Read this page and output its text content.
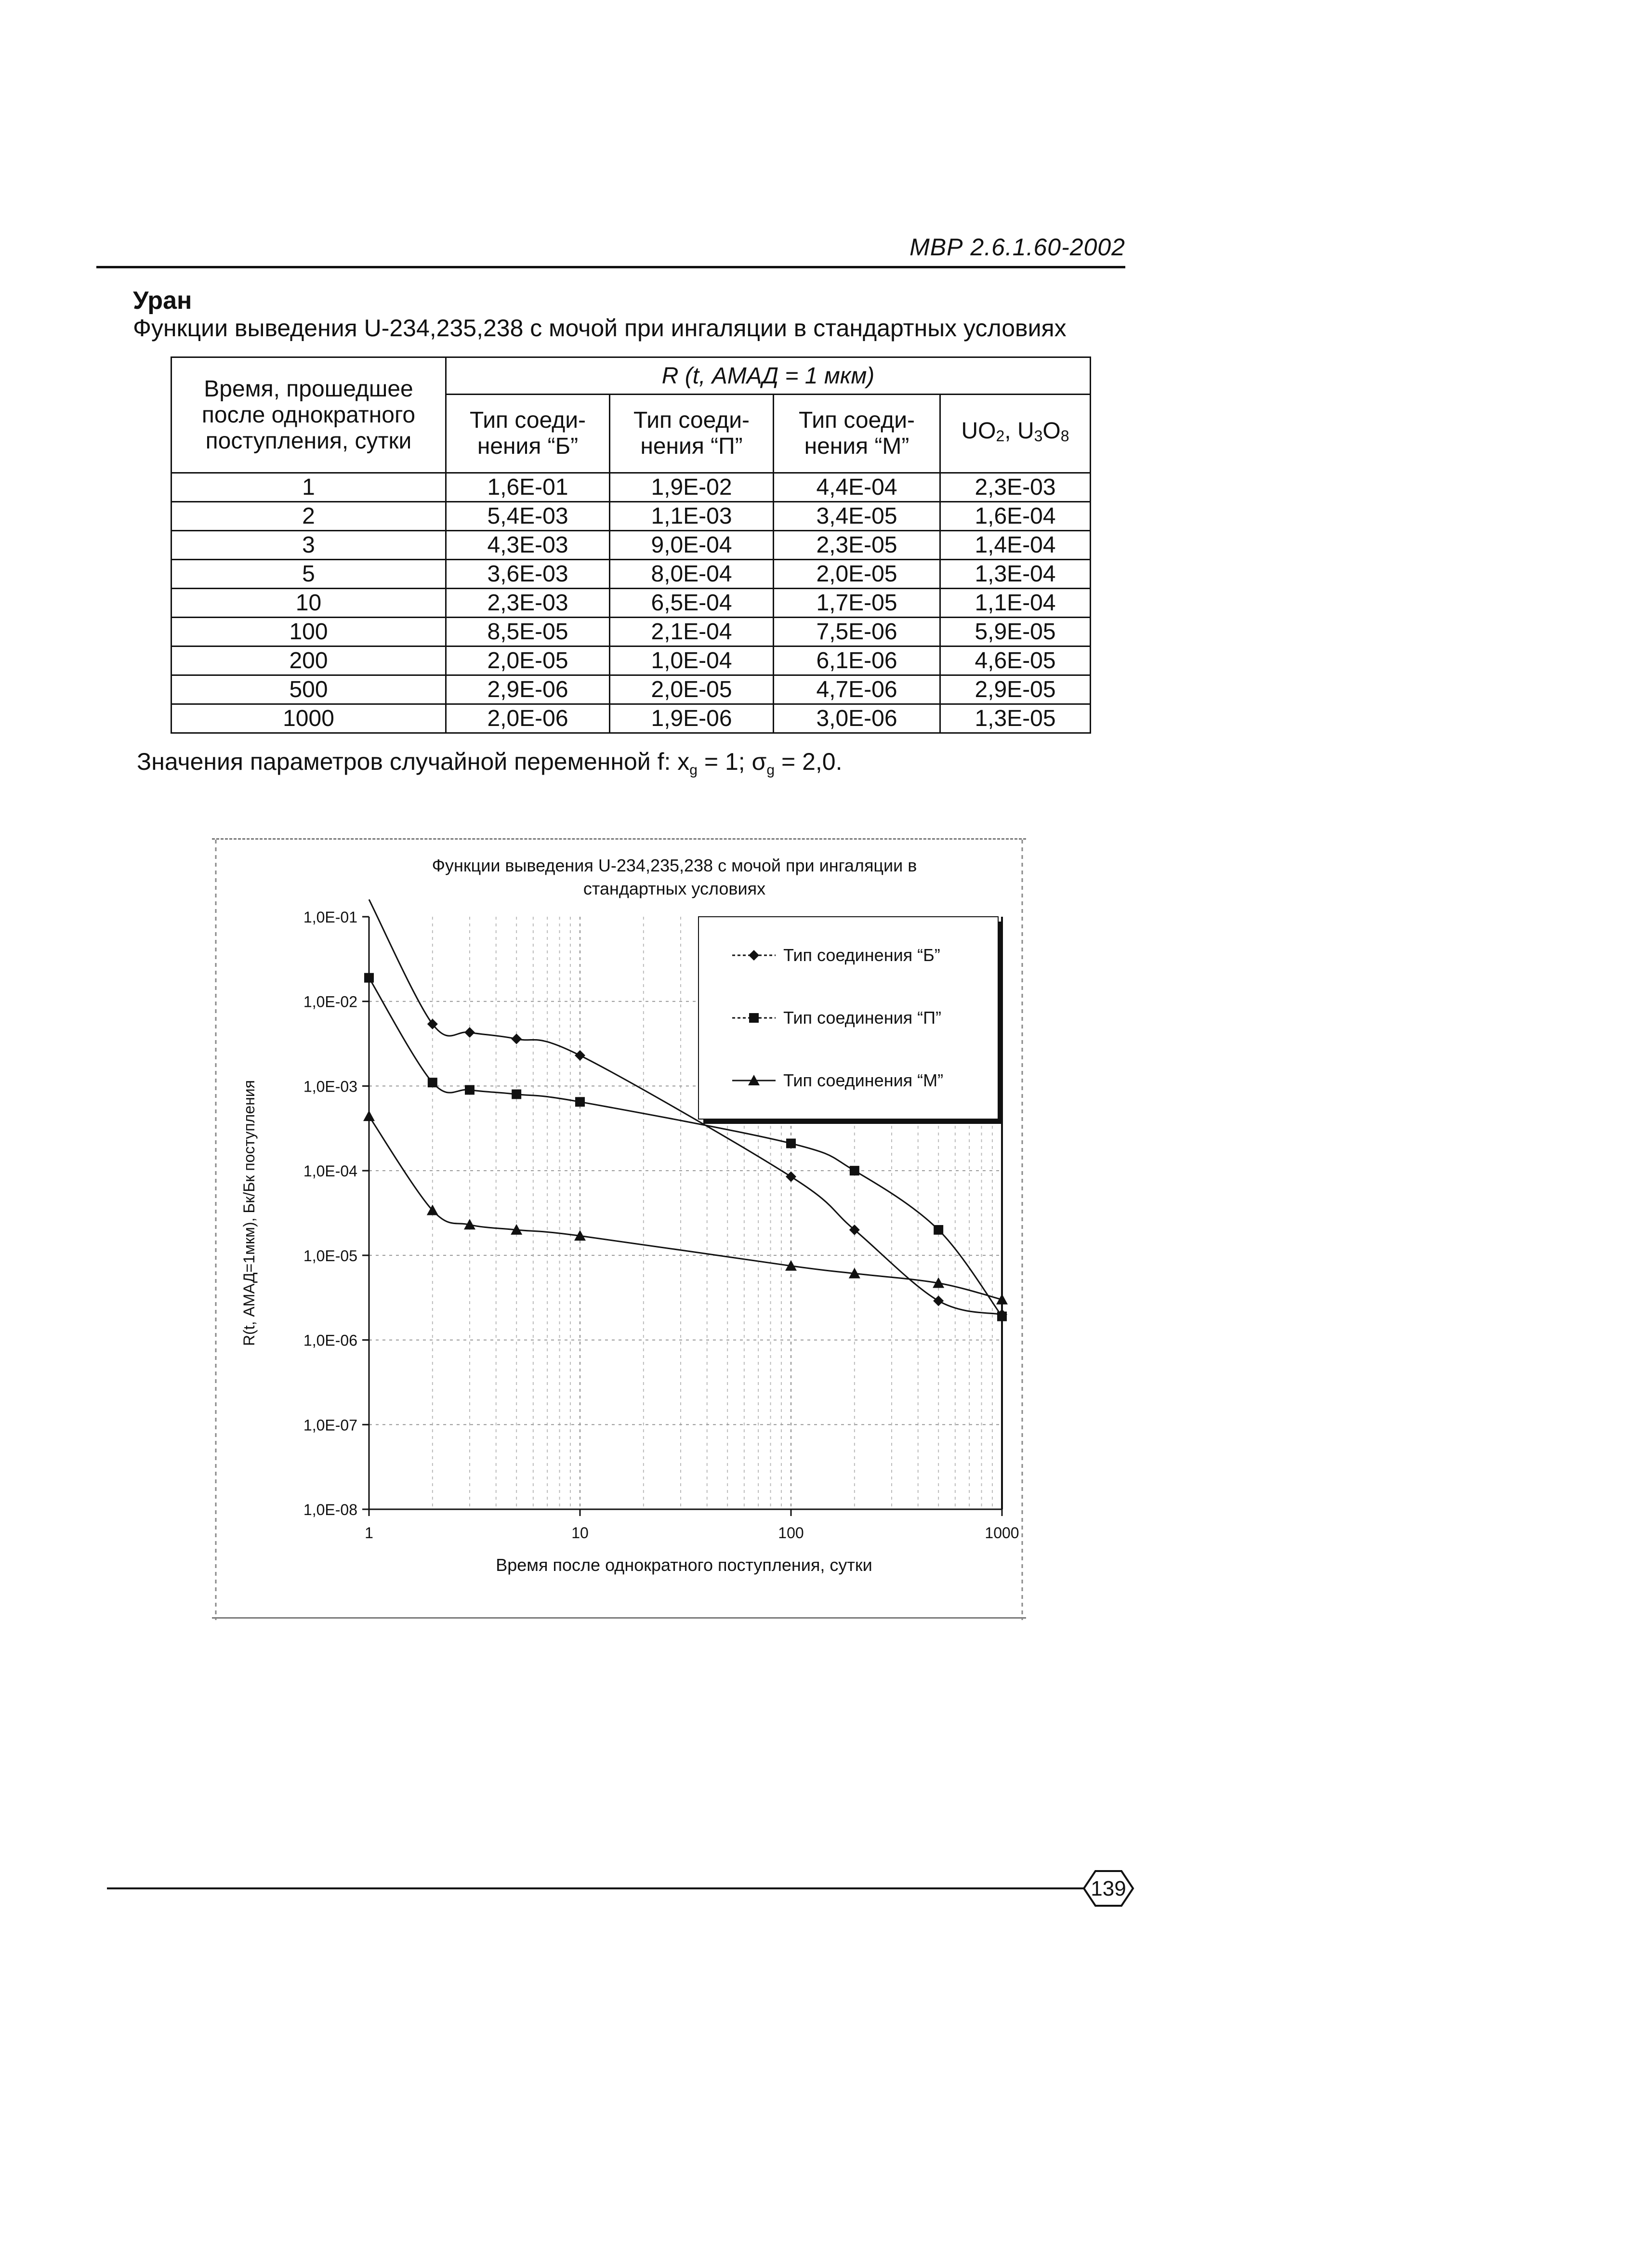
МВР 2.6.1.60-2002
Уран
Функции выведения U-234,235,238 с мочой при ингаляции в стандартных условиях
Время, прошедшее после однократного поступления, сутки	R (t, АМАД = 1 мкм)			
	Тип соеди- нения “Б”	Тип соеди- нения “П”	Тип соеди- нения “М”	$UO_2$, $U_3O_8$
1	1,6E-01	1,9E-02	4,4E-04	2,3E-03
2	5,4E-03	1,1E-03	3,4E-05	1,6E-04
3	4,3E-03	9,0E-04	2,3E-05	1,4E-04
5	3,6E-03	8,0E-04	2,0E-05	1,3E-04
10	2,3E-03	6,5E-04	1,7E-05	1,1E-04
100	8,5E-05	2,1E-04	7,5E-06	5,9E-05
200	2,0E-05	1,0E-04	6,1E-06	4,6E-05
500	2,9E-06	2,0E-05	4,7E-06	2,9E-05
1000	2,0E-06	1,9E-06	3,0E-06	1,3E-05
Значения параметров случайной переменной f: $x_g = 1$; $\sigma_g = 2,0$.
1,0E-01
1,0E-02
1,0E-03
1,0E-04
1,0E-05
1,0E-06
1,0E-07
1,0E-08
1	10	100	1000
Функции выведения U-234,235,238 с мочой при ингаляции в
стандартных условиях
Время после однократного поступления, сутки
R(t, АМАД=1мкм), Бк/Бк поступления
Тип соединения “Б”
Тип соединения “П”
Тип соединения “М”
139
